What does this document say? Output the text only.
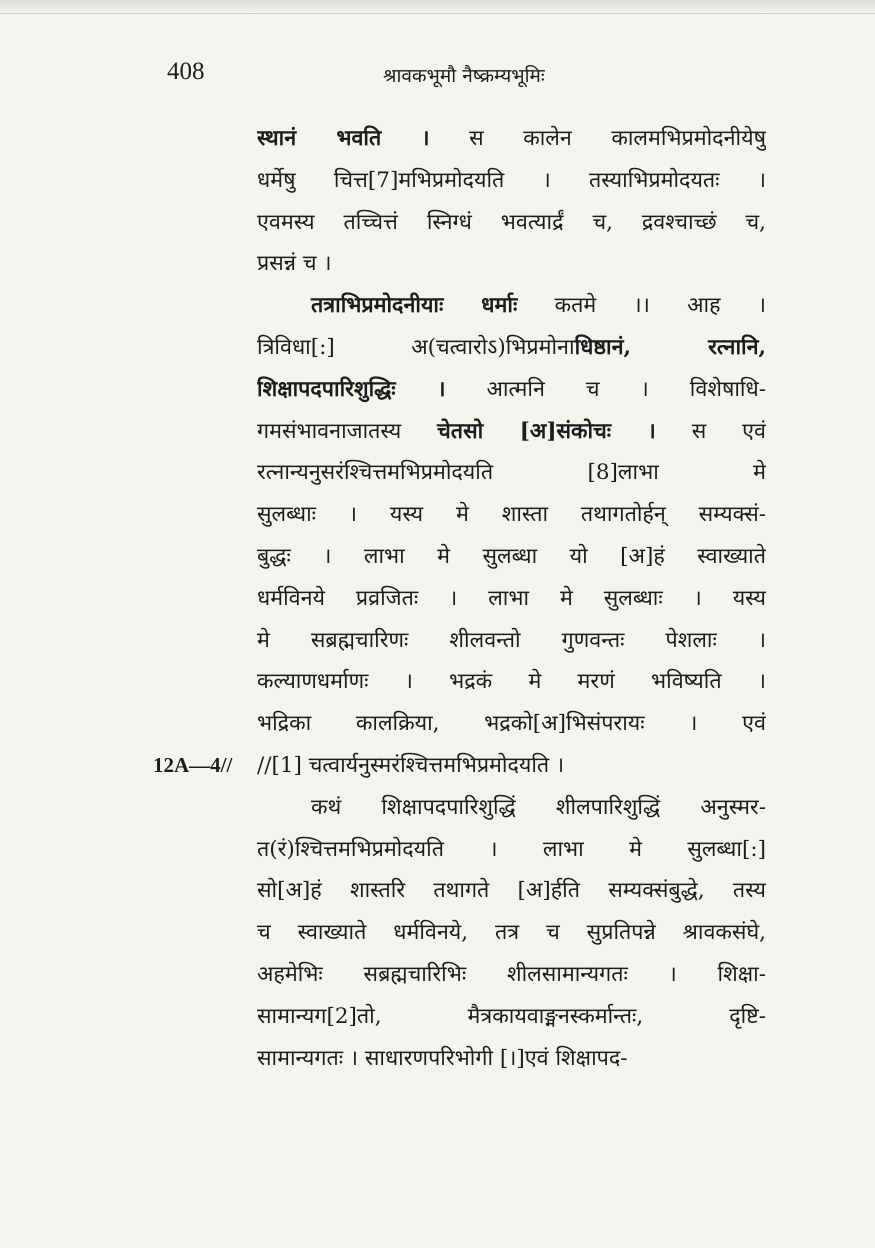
408	श्रावकभूमौ नैष्क्रम्यभूमिः
12A—4//
स्थानं भवति । स कालेन कालमभिप्रमोदनीयेषु
धर्मेषु चित्त[7]मभिप्रमोदयति । तस्याभिप्रमोदयतः ।
एवमस्य तच्चित्तं स्निग्धं भवत्यार्द्रं च, द्रवश्चाच्छं च,
प्रसन्नं च ।
तत्राभिप्रमोदनीयाः धर्माः कतमे ।। आह ।
त्रिविधा[:] अ(चत्वारोऽ)भिप्रमोनाधिष्ठानं, रत्नानि,
शिक्षापदपारिशुद्धिः । आत्मनि च । विशेषाधि-
गमसंभावनाजातस्य चेतसो [अ]संकोचः । स एवं
रत्नान्यनुसरंश्चित्तमभिप्रमोदयति [8]लाभा मे
सुलब्धाः । यस्य मे शास्ता तथागतोर्हन् सम्यक्सं-
बुद्धः । लाभा मे सुलब्धा यो [अ]हं स्वाख्याते
धर्मविनये प्रव्रजितः । लाभा मे सुलब्धाः । यस्य
मे सब्रह्मचारिणः शीलवन्तो गुणवन्तः पेशलाः ।
कल्याणधर्माणः । भद्रकं मे मरणं भविष्यति ।
भद्रिका कालक्रिया, भद्रको[अ]भिसंपरायः । एवं
//[1] चत्वार्यनुस्मरंश्चित्तमभिप्रमोदयति ।
कथं शिक्षापदपारिशुद्धिं शीलपारिशुद्धिं अनुस्मर-
त(रं)श्चित्तमभिप्रमोदयति । लाभा मे सुलब्धा[:]
सो[अ]हं शास्तरि तथागते [अ]र्हति सम्यक्संबुद्धे, तस्य
च स्वाख्याते धर्मविनये, तत्र च सुप्रतिपन्ने श्रावकसंघे,
अहमेभिः सब्रह्मचारिभिः शीलसामान्यगतः । शिक्षा-
सामान्यग[2]तो, मैत्रकायवाङ्मनस्कर्मान्तः, दृष्टि-
सामान्यगतः । साधारणपरिभोगी [।]एवं शिक्षापद-
